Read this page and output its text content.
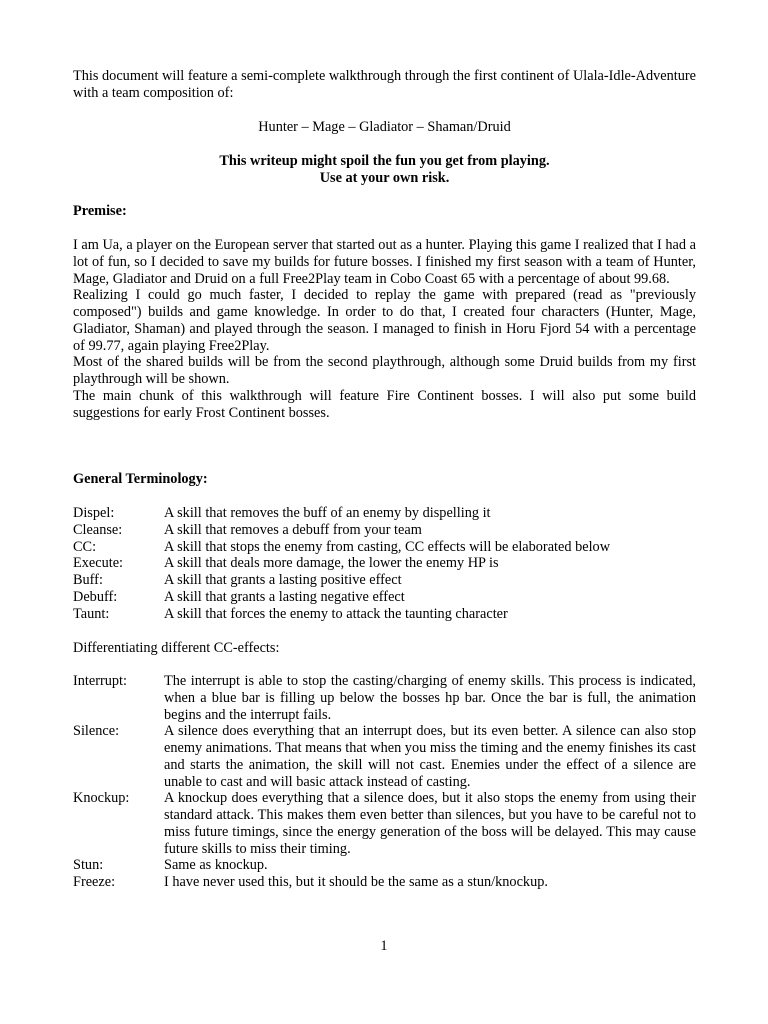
This document will feature a semi-complete walkthrough through the first continent of Ulala-Idle-Adventure with a team composition of:

Hunter – Mage – Gladiator – Shaman/Druid

This writeup might spoil the fun you get from playing.

Use at your own risk.

Premise:

I am Ua, a player on the European server that started out as a hunter. Playing this game I realized that I had a lot of fun, so I decided to save my builds for future bosses. I finished my first season with a team of Hunter, Mage, Gladiator and Druid on a full Free2Play team in Cobo Coast 65 with a percentage of about 99.68.

Realizing I could go much faster, I decided to replay the game with prepared (read as "previously composed") builds and game knowledge. In order to do that, I created four characters (Hunter, Mage, Gladiator, Shaman) and played through the season. I managed to finish in Horu Fjord 54 with a percentage of 99.77, again playing Free2Play.

Most of the shared builds will be from the second playthrough, although some Druid builds from my first playthrough will be shown.

The main chunk of this walkthrough will feature Fire Continent bosses. I will also put some build suggestions for early Frost Continent bosses.

General Terminology:

Dispel:	A skill that removes the buff of an enemy by dispelling it
Cleanse:	A skill that removes a debuff from your team
CC:	A skill that stops the enemy from casting, CC effects will be elaborated below
Execute:	A skill that deals more damage, the lower the enemy HP is
Buff:	A skill that grants a lasting positive effect
Debuff:	A skill that grants a lasting negative effect
Taunt:	A skill that forces the enemy to attack the taunting character

Differentiating different CC-effects:

Interrupt:	The interrupt is able to stop the casting/charging of enemy skills. This process is indicated, when a blue bar is filling up below the bosses hp bar. Once the bar is full, the animation begins and the interrupt fails.
Silence:	A silence does everything that an interrupt does, but its even better. A silence can also stop enemy animations. That means that when you miss the timing and the enemy finishes its cast and starts the animation, the skill will not cast. Enemies under the effect of a silence are unable to cast and will basic attack instead of casting.
Knockup:	A knockup does everything that a silence does, but it also stops the enemy from using their standard attack. This makes them even better than silences, but you have to be careful not to miss future timings, since the energy generation of the boss will be delayed. This may cause future skills to miss their timing.
Stun:	Same as knockup.
Freeze:	I have never used this, but it should be the same as a stun/knockup.
1
